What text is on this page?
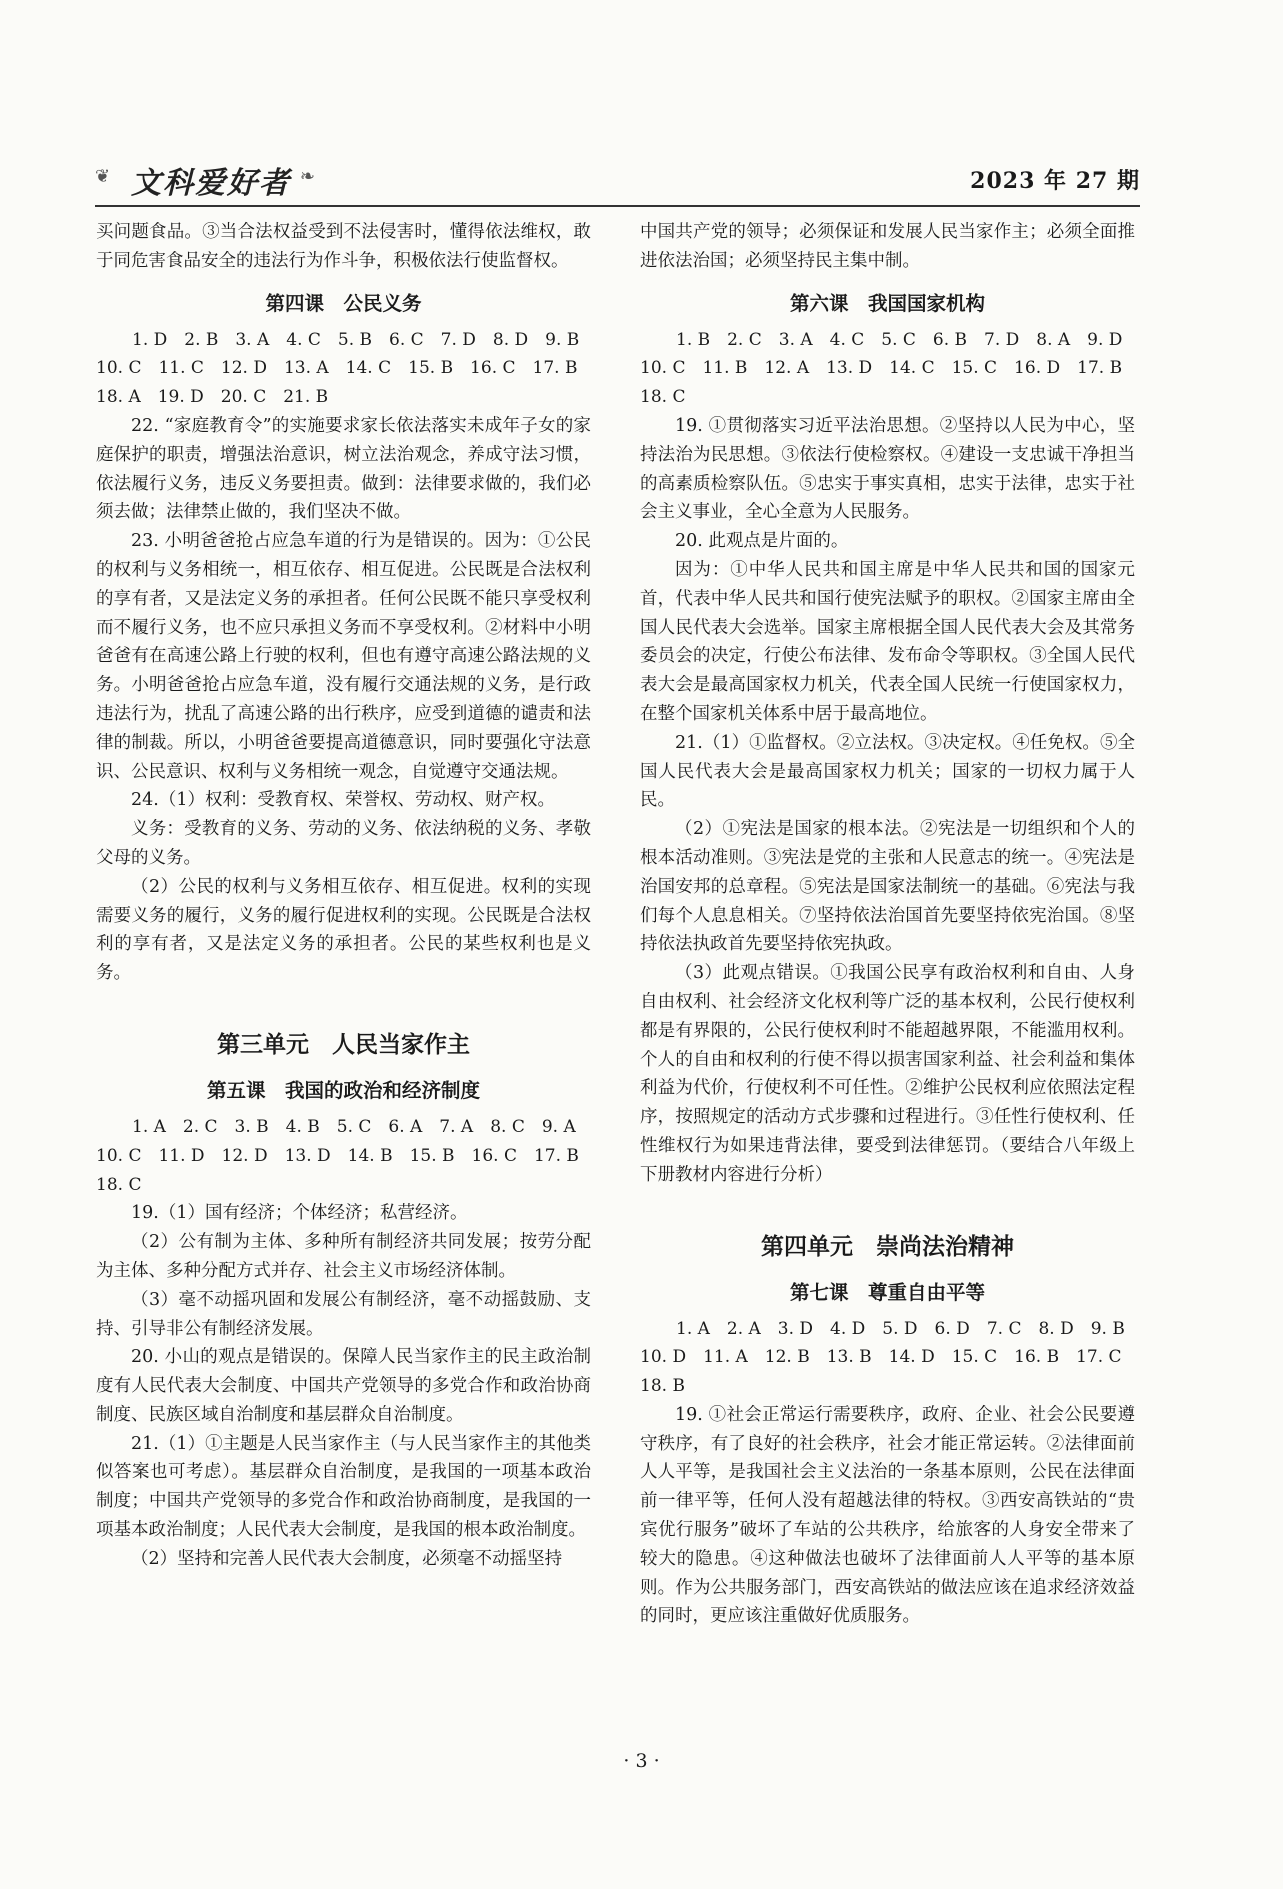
❦ 文科爱好者 ❧	2023 年 27 期

买问题食品。③当合法权益受到不法侵害时，懂得依法维权，敢于同危害食品安全的违法行为作斗争，积极依法行使监督权。

第四课　公民义务
1. D　2. B　3. A　4. C　5. B　6. C　7. D　8. D　9. B
10. C　11. C　12. D　13. A　14. C　15. B　16. C　17. B
18. A　19. D　20. C　21. B

22. “家庭教育令”的实施要求家长依法落实未成年子女的家庭保护的职责，增强法治意识，树立法治观念，养成守法习惯，依法履行义务，违反义务要担责。做到：法律要求做的，我们必须去做；法律禁止做的，我们坚决不做。

23. 小明爸爸抢占应急车道的行为是错误的。因为：①公民的权利与义务相统一，相互依存、相互促进。公民既是合法权利的享有者，又是法定义务的承担者。任何公民既不能只享受权利而不履行义务，也不应只承担义务而不享受权利。②材料中小明爸爸有在高速公路上行驶的权利，但也有遵守高速公路法规的义务。小明爸爸抢占应急车道，没有履行交通法规的义务，是行政违法行为，扰乱了高速公路的出行秩序，应受到道德的谴责和法律的制裁。所以，小明爸爸要提高道德意识，同时要强化守法意识、公民意识、权利与义务相统一观念，自觉遵守交通法规。

24.（1）权利：受教育权、荣誉权、劳动权、财产权。

义务：受教育的义务、劳动的义务、依法纳税的义务、孝敬父母的义务。

（2）公民的权利与义务相互依存、相互促进。权利的实现需要义务的履行，义务的履行促进权利的实现。公民既是合法权利的享有者，又是法定义务的承担者。公民的某些权利也是义务。

第三单元　人民当家作主
第五课　我国的政治和经济制度
1. A　2. C　3. B　4. B　5. C　6. A　7. A　8. C　9. A
10. C　11. D　12. D　13. D　14. B　15. B　16. C　17. B
18. C

19.（1）国有经济；个体经济；私营经济。

（2）公有制为主体、多种所有制经济共同发展；按劳分配为主体、多种分配方式并存、社会主义市场经济体制。

（3）毫不动摇巩固和发展公有制经济，毫不动摇鼓励、支持、引导非公有制经济发展。

20. 小山的观点是错误的。保障人民当家作主的民主政治制度有人民代表大会制度、中国共产党领导的多党合作和政治协商制度、民族区域自治制度和基层群众自治制度。

21.（1）①主题是人民当家作主（与人民当家作主的其他类似答案也可考虑）。基层群众自治制度，是我国的一项基本政治制度；中国共产党领导的多党合作和政治协商制度，是我国的一项基本政治制度；人民代表大会制度，是我国的根本政治制度。

（2）坚持和完善人民代表大会制度，必须毫不动摇坚持

中国共产党的领导；必须保证和发展人民当家作主；必须全面推进依法治国；必须坚持民主集中制。

第六课　我国国家机构
1. B　2. C　3. A　4. C　5. C　6. B　7. D　8. A　9. D
10. C　11. B　12. A　13. D　14. C　15. C　16. D　17. B
18. C

19. ①贯彻落实习近平法治思想。②坚持以人民为中心，坚持法治为民思想。③依法行使检察权。④建设一支忠诚干净担当的高素质检察队伍。⑤忠实于事实真相，忠实于法律，忠实于社会主义事业，全心全意为人民服务。

20. 此观点是片面的。

因为：①中华人民共和国主席是中华人民共和国的国家元首，代表中华人民共和国行使宪法赋予的职权。②国家主席由全国人民代表大会选举。国家主席根据全国人民代表大会及其常务委员会的决定，行使公布法律、发布命令等职权。③全国人民代表大会是最高国家权力机关，代表全国人民统一行使国家权力，在整个国家机关体系中居于最高地位。

21.（1）①监督权。②立法权。③决定权。④任免权。⑤全国人民代表大会是最高国家权力机关；国家的一切权力属于人民。

（2）①宪法是国家的根本法。②宪法是一切组织和个人的根本活动准则。③宪法是党的主张和人民意志的统一。④宪法是治国安邦的总章程。⑤宪法是国家法制统一的基础。⑥宪法与我们每个人息息相关。⑦坚持依法治国首先要坚持依宪治国。⑧坚持依法执政首先要坚持依宪执政。

（3）此观点错误。①我国公民享有政治权利和自由、人身自由权利、社会经济文化权利等广泛的基本权利，公民行使权利都是有界限的，公民行使权利时不能超越界限，不能滥用权利。个人的自由和权利的行使不得以损害国家利益、社会利益和集体利益为代价，行使权利不可任性。②维护公民权利应依照法定程序，按照规定的活动方式步骤和过程进行。③任性行使权利、任性维权行为如果违背法律，要受到法律惩罚。（要结合八年级上下册教材内容进行分析）

第四单元　崇尚法治精神
第七课　尊重自由平等
1. A　2. A　3. D　4. D　5. D　6. D　7. C　8. D　9. B
10. D　11. A　12. B　13. B　14. D　15. C　16. B　17. C
18. B

19. ①社会正常运行需要秩序，政府、企业、社会公民要遵守秩序，有了良好的社会秩序，社会才能正常运转。②法律面前人人平等，是我国社会主义法治的一条基本原则，公民在法律面前一律平等，任何人没有超越法律的特权。③西安高铁站的“贵宾优行服务”破坏了车站的公共秩序，给旅客的人身安全带来了较大的隐患。④这种做法也破坏了法律面前人人平等的基本原则。作为公共服务部门，西安高铁站的做法应该在追求经济效益的同时，更应该注重做好优质服务。

· 3 ·
